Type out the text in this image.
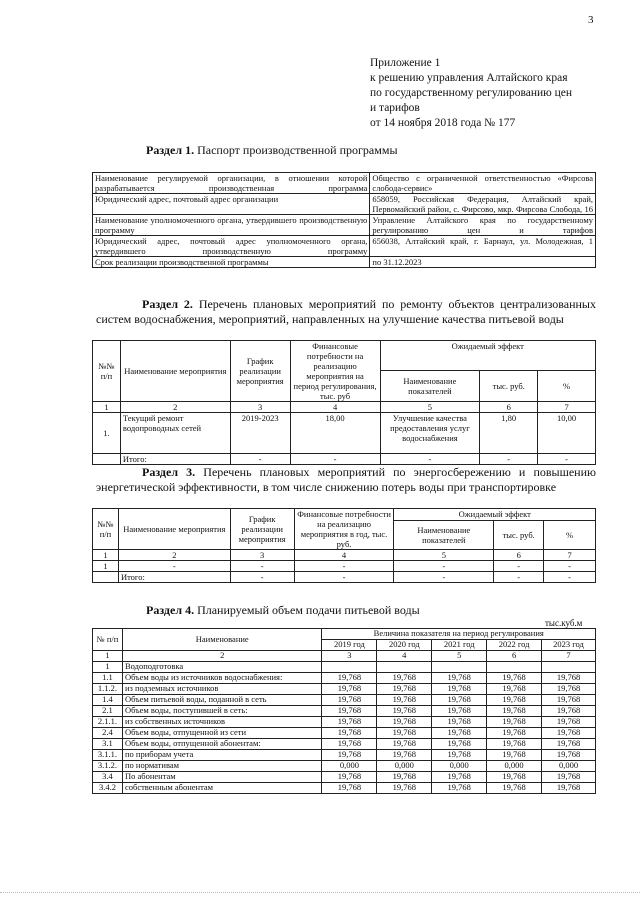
3
Приложение 1
к решению управления Алтайского края
по государственному регулированию цен
и тарифов
от 14 ноября 2018 года № 177
Раздел 1. Паспорт производственной программы
Наименование регулируемой организации, в отношении которой разрабатывается производственная программа	Общество с ограниченной ответственностью «Фирсова слобода-сервис»
Юридический адрес, почтовый адрес организации	658059, Российская Федерация, Алтайский край, Первомайский район, с. Фирсово, мкр. Фирсова Слобода, 16
Наименование уполномоченного органа, утвердившего производственную программу	Управление Алтайского края по государственному регулированию цен и тарифов
Юридический адрес, почтовый адрес уполномоченного органа, утвердившего производственную программу	656038, Алтайский край, г. Барнаул, ул. Молодежная, 1
Срок реализации производственной программы	по 31.12.2023
Раздел 2. Перечень плановых мероприятий по ремонту объектов централизованных систем водоснабжения, мероприятий, направленных на улучшение качества питьевой воды
№№ п/п	Наименование мероприятия	График реализации мероприятия	Финансовые потребности на реализацию мероприятия на период регулирования, тыс. руб	Ожидаемый эффект		
				Наименование показателей	тыс. руб.	%
1	2	3	4	5	6	7
1.	Текущий ремонт водопроводных сетей	2019-2023	18,00	Улучшение качества предоставления услуг водоснабжения	1,80	10,00
	Итого:	-	-	-	-	-
Раздел 3. Перечень плановых мероприятий по энергосбережению и повышению энергетической эффективности, в том числе снижению потерь воды при транспортировке
№№ п/п	Наименование мероприятия	График реализации мероприятия	Финансовые потребности на реализацию мероприятия в год, тыс. руб.	Ожидаемый эффект		
				Наименование показателей	тыс. руб.	%
1	2	3	4	5	6	7
1	-	-	-	-	-	-
	Итого:	-	-	-	-	-
Раздел 4. Планируемый объем подачи питьевой воды
тыс.куб.м
№ п/п	Наименование	Величина показателя на период регулирования				
		2019 год	2020 год	2021 год	2022 год	2023 год
1	2	3	4	5	6	7
1	Водоподготовка					
1.1	Объем воды из источников водоснабжения:	19,768	19,768	19,768	19,768	19,768
1.1.2.	из подземных источников	19,768	19,768	19,768	19,768	19,768
1.4	Объем питьевой воды, поданной в сеть	19,768	19,768	19,768	19,768	19,768
2.1	Объем воды, поступившей в сеть:	19,768	19,768	19,768	19,768	19,768
2.1.1.	из собственных источников	19,768	19,768	19,768	19,768	19,768
2.4	Объем воды, отпущенной из сети	19,768	19,768	19,768	19,768	19,768
3.1	Объем воды, отпущенной абонентам:	19,768	19,768	19,768	19,768	19,768
3.1.1.	по приборам учета	19,768	19,768	19,768	19,768	19,768
3.1.2.	по нормативам	0,000	0,000	0,000	0,000	0,000
3.4	По абонентам	19,768	19,768	19,768	19,768	19,768
3.4.2	собственным абонентам	19,768	19,768	19,768	19,768	19,768
